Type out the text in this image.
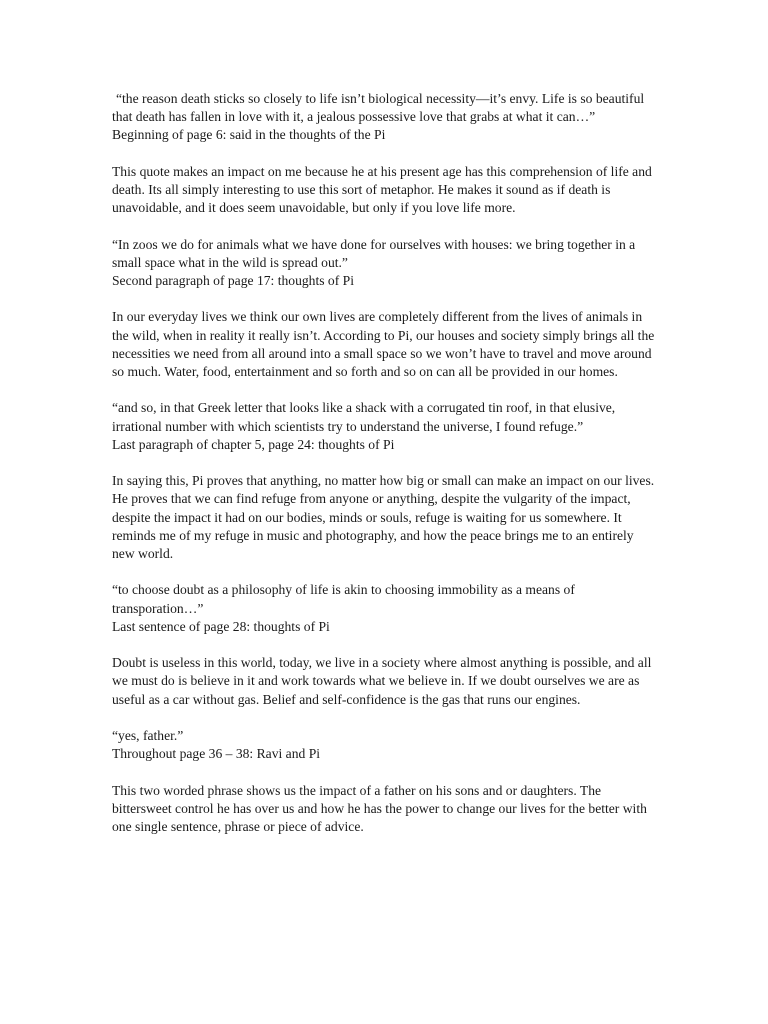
“the reason death sticks so closely to life isn’t biological necessity—it’s envy. Life is so beautiful that death has fallen in love with it, a jealous possessive love that grabs at what it can…”

Beginning of page 6: said in the thoughts of the Pi

This quote makes an impact on me because he at his present age has this comprehension of life and death. Its all simply interesting to use this sort of metaphor. He makes it sound as if death is unavoidable, and it does seem unavoidable, but only if you love life more.

“In zoos we do for animals what we have done for ourselves with houses: we bring together in a small space what in the wild is spread out.”

Second paragraph of page 17: thoughts of Pi

In our everyday lives we think our own lives are completely different from the lives of animals in the wild, when in reality it really isn’t. According to Pi, our houses and society simply brings all the necessities we need from all around into a small space so we won’t have to travel and move around so much. Water, food, entertainment and so forth and so on can all be provided in our homes.

“and so, in that Greek letter that looks like a shack with a corrugated tin roof, in that elusive, irrational number with which scientists try to understand the universe, I found refuge.”

Last paragraph of chapter 5, page 24: thoughts of Pi

In saying this, Pi proves that anything, no matter how big or small can make an impact on our lives. He proves that we can find refuge from anyone or anything, despite the vulgarity of the impact, despite the impact it had on our bodies, minds or souls, refuge is waiting for us somewhere. It reminds me of my refuge in music and photography, and how the peace brings me to an entirely new world.

“to choose doubt as a philosophy of life is akin to choosing immobility as a means of transporation…”

Last sentence of page 28: thoughts of Pi

Doubt is useless in this world, today, we live in a society where almost anything is possible, and all we must do is believe in it and work towards what we believe in. If we doubt ourselves we are as useful as a car without gas. Belief and self-confidence is the gas that runs our engines.

“yes, father.”

Throughout page 36 – 38: Ravi and Pi

This two worded phrase shows us the impact of a father on his sons and or daughters. The bittersweet control he has over us and how he has the power to change our lives for the better with one single sentence, phrase or piece of advice.
